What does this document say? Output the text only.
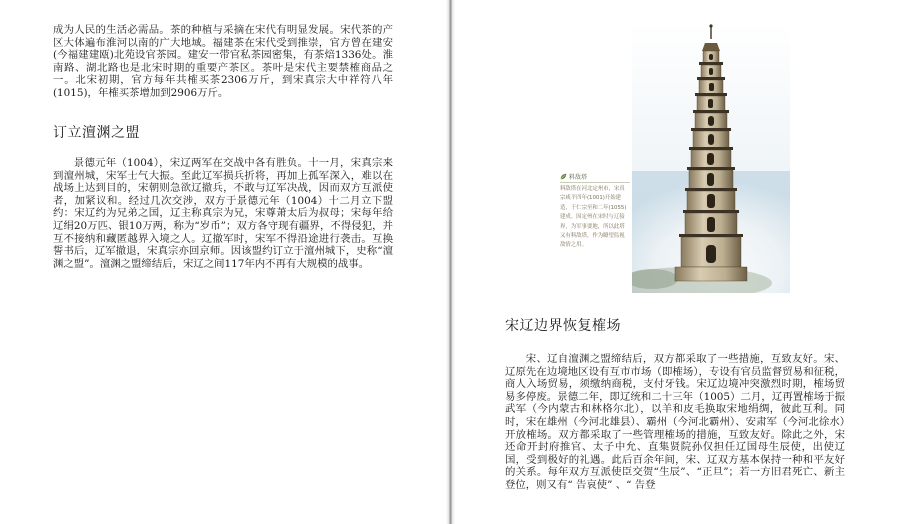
成为人民的生活必需品。茶的种植与采摘在宋代有明显发展。宋代茶的产区大体遍布淮河以南的广大地域。福建茶在宋代受到推崇，官方曾在建安(今福建建瓯)北苑设官茶园。建安一带官私茶园密集，有茶焙1336处。淮南路、湖北路也是北宋时期的重要产茶区。茶叶是宋代主要禁榷商品之一。北宋初期，官方每年共榷买茶2306万斤，到宋真宗大中祥符八年(1015)，年榷买茶增加到2906万斤。
订立澶渊之盟
景德元年（1004），宋辽两军在交战中各有胜负。十一月，宋真宗来到澶州城，宋军士气大振。至此辽军损兵折将，再加上孤军深入，难以在战场上达到目的，宋朝则急欲辽撤兵，不敢与辽军决战，因而双方互派使者，加紧议和。经过几次交涉，双方于景德元年（1004）十二月立下盟约：宋辽约为兄弟之国，辽主称真宗为兄，宋尊萧太后为叔母；宋每年给辽绢20万匹、银10万两，称为“岁币”；双方各守现有疆界，不得侵犯，并互不接纳和藏匿越界入境之人。辽撤军时，宋军不得沿途进行袭击。互换誓书后，辽军撤退，宋真宗亦回京师。因该盟约订立于澶州城下，史称“澶渊之盟”。澶渊之盟缔结后，宋辽之间117年内不再有大规模的战事。
料敌塔
料敌塔在河北定州市，宋真宗咸平四年(1001)开始建造，于仁宗至和二年(1055)建成。因定州在宋时与辽接界，为军事要地，所以此塔又有料敌塔，作为瞭望监视敌情之用。
宋辽边界恢复榷场
宋、辽自澶渊之盟缔结后，双方都采取了一些措施，互致友好。宋、辽原先在边境地区设有互市市场（即榷场），专设有官员监督贸易和征税，商人入场贸易，须缴纳商税，支付牙钱。宋辽边境冲突激烈时期，榷场贸易多停废。景德二年，即辽统和二十三年（1005）二月，辽再置榷场于振武军（今内蒙古和林格尔北），以羊和皮毛换取宋地绢绸，彼此互利。同时，宋在雄州（今河北雄县）、霸州（今河北霸州）、安肃军（今河北徐水）开放榷场。双方都采取了一些管理榷场的措施，互致友好。除此之外，宋还命开封府推官、太子中允、直集贤院孙仅担任辽国母生辰使，出使辽国，受到极好的礼遇。此后百余年间，宋、辽双方基本保持一种和平友好的关系。每年双方互派使臣交贺“生辰”、“正旦”；若一方旧君死亡、新主登位，则又有“ 告哀使” 、“ 告登
